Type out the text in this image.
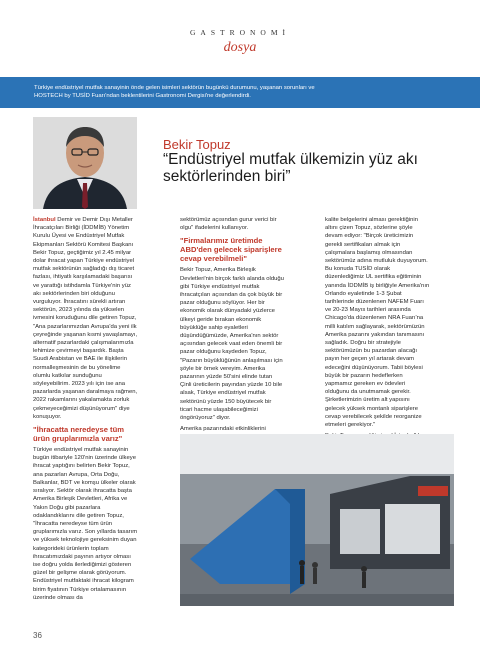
GASTRONOMİ
dosya
Türkiye endüstriyel mutfak sanayinin önde gelen isimleri sektörün bugünkü durumunu, yaşanan sorunları ve
HOSTECH by TUSİD Fuarı'ndan beklentilerini Gastronomi Dergisi'ne değerlendirdi.
Bekir Topuz
“Endüstriyel mutfak ülkemizin yüz akı
sektörlerinden biri”

İstanbul Demir ve Demir Dışı Metaller İhracatçıları Birliği (İDDMİB) Yönetim Kurulu Üyesi ve Endüstriyel Mutfak Ekipmanları Sektörü Komitesi Başkanı Bekir Topuz, geçtiğimiz yıl 2.45 milyar dolar ihracat yapan Türkiye endüstriyel mutfak sektörünün sağladığı dış ticaret fazlası, ihtiyatlı karşılamadaki başarısı ve yarattığı istihdamla Türkiye'nin yüz akı sektörlerinden biri olduğunu vurguluyor. İhracatını sürekli artıran sektörün, 2023 yılında da yükselen ivmesini koruduğunu dile getiren Topuz, "Ana pazarlarımızdan Avrupa'da yeni ilk çeyreğinde yaşanan kısmi yavaşlamayı, alternatif pazarlardaki çalışmalarımızla lehimize çevirmeyi başardık. Başta Suudi Arabistan ve BAE ile ilişkilerin normalleşmesinin de bu yönelime olumlu katkılar sunduğunu söyleyebilirim. 2023 yılı için ise ana pazarlarda yaşanan daralmaya rağmen, 2022 rakamlarını yakalamakta zorluk çekmeyeceğimizi düşünüyorum" diye konuşuyor.

"İhracatta neredeyse tüm ürün gruplarımızla varız"

Türkiye endüstriyel mutfak sanayinin bugün itibariyle 120'nin üzerinde ülkeye ihracat yaptığını belirten Bekir Topuz, ana pazarları Avrupa, Orta Doğu, Balkanlar, BDT ve komşu ülkeler olarak sıralıyor. Sektör olarak ihracatta başta Amerika Birleşik Devletleri, Afrika ve Yakın Doğu gibi pazarlara odaklandıklarını dile getiren Topuz, "İhracatta neredeyse tüm ürün gruplarımızla varız. Son yıllarda tasarım ve yüksek teknolojiye gereksinim duyan kategorideki ürünlerin toplam ihracatımızdaki payının artıyor olması ise doğru yolda ilerlediğimizi gösteren güzel bir gelişme olarak görüyorum. Endüstriyel mutfaktaki ihracat kilogram birim fiyatının Türkiye ortalamasının üzerinde olması da

sektörümüz açısından gurur verici bir olgu" ifadelerini kullanıyor.

"Firmalarımız üretimde ABD'den gelecek siparişlere cevap verebilmeli"

Bekir Topuz, Amerika Birleşik Devletleri'nin birçok farklı alanda olduğu gibi Türkiye endüstriyel mutfak ihracatçıları açısından da çok büyük bir pazar olduğunu söylüyor. Her bir ekonomik olarak dünyadaki yüzlerce ülkeyi geride bırakan ekonomik büyüklüğe sahip eyaletleri düşündüğümüzde, Amerika'nın sektör açısından gelecek vaat eden önemli bir pazar olduğunu kaydeden Topuz, "Pazarın büyüklüğünün anlaşılması için şöyle bir örnek vereyim. Amerika pazarının yüzde 50'sini elinde tutan Çinli üreticilerin payından yüzde 10 bile alsak, Türkiye endüstriyel mutfak sektörünü yüzde 150 büyütecek bir ticari hacme ulaşabileceğimizi öngörüyoruz" diyor.

Amerika pazarındaki etkinliklerini

kalite belgelerini alması gerektiğinin altını çizen Topuz, sözlerine şöyle devam ediyor: "Birçok üreticimizin gerekli sertifikaları almak için çalışmalara başlamış olmasından sektörümüz adına mutluluk duyuyorum. Bu konuda TUSİD olarak düzenlediğimiz UL sertifika eğitiminin yanında İDDMİB iş birliğiyle Amerika'nın Orlando eyaletinde 1-3 Şubat tarihlerinde düzenlenen NAFEM Fuarı ve 20-23 Mayıs tarihleri arasında Chicago'da düzenlenen NRA Fuarı'na milli katılım sağlayarak, sektörümüzün Amerika pazarını yakından tanımasını sağladık. Doğru bir stratejiyle sektörümüzün bu pazardan alacağı payın her geçen yıl artarak devam edeceğini düşünüyorum. Tabii böylesi büyük bir pazarın hedeflerken yapmamız gereken ev ödevleri olduğunu da unutmamak gerekir. Şirketlerimizin üretim alt yapısını gelecek yüksek montanlı siparişlere cevap verebilecek şekilde reorganize etmeleri gerekiyor."

36
